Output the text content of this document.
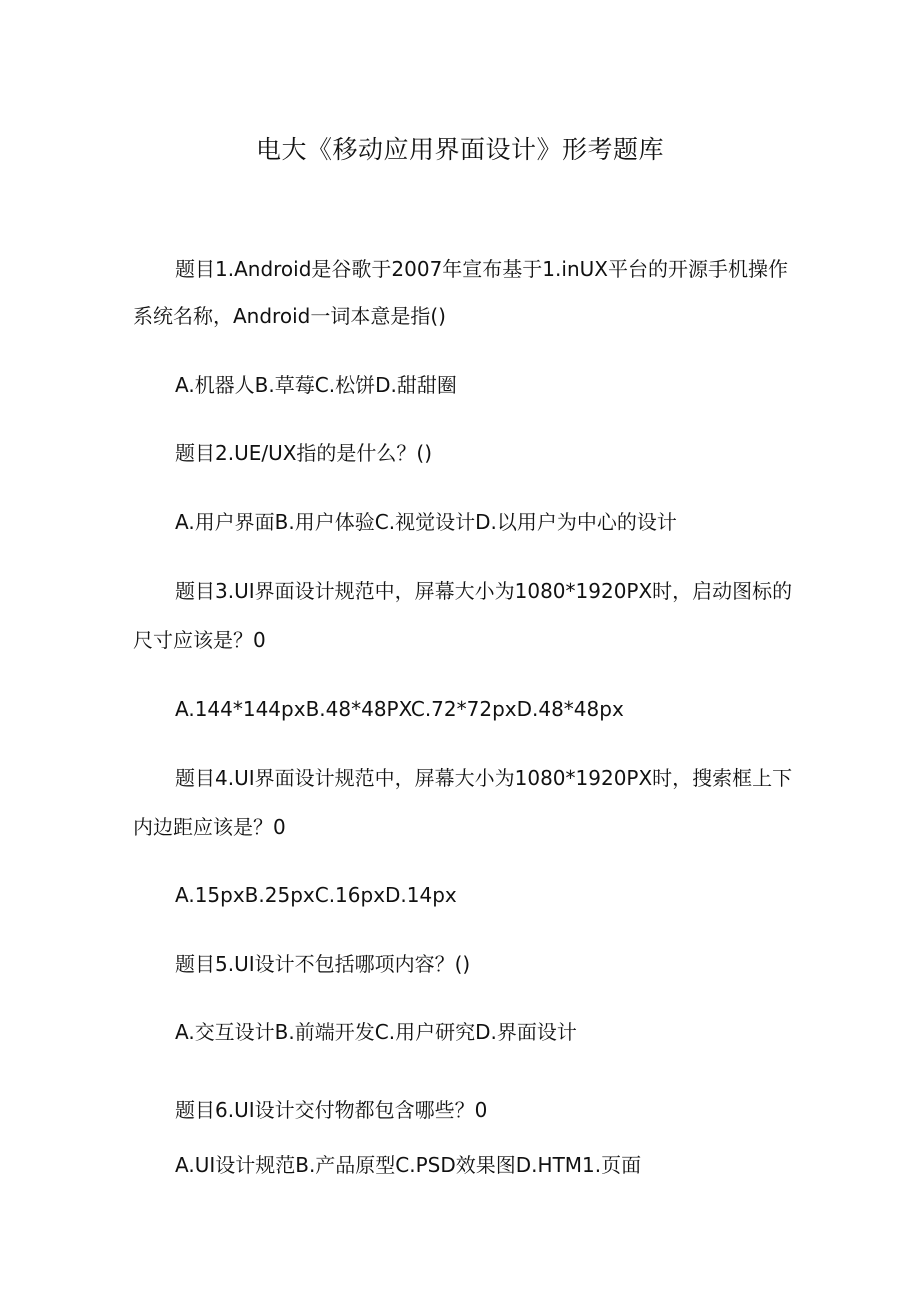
电大《移动应用界面设计》形考题库

题目1.Android是谷歌于2007年宣布基于1.inUX平台的开源手机操作

系统名称，Android一词本意是指()

A.机器人B.草莓C.松饼D.甜甜圈

题目2.UE/UX指的是什么？()

A.用户界面B.用户体验C.视觉设计D.以用户为中心的设计

题目3.UI界面设计规范中，屏幕大小为1080*1920PX时，启动图标的

尺寸应该是？0

A.144*144pxB.48*48PXC.72*72pxD.48*48px

题目4.UI界面设计规范中，屏幕大小为1080*1920PX时，搜索框上下

内边距应该是？0

A.15pxB.25pxC.16pxD.14px

题目5.UI设计不包括哪项内容？()

A.交互设计B.前端开发C.用户研究D.界面设计

题目6.UI设计交付物都包含哪些？0

A.UI设计规范B.产品原型C.PSD效果图D.HTM1.页面
